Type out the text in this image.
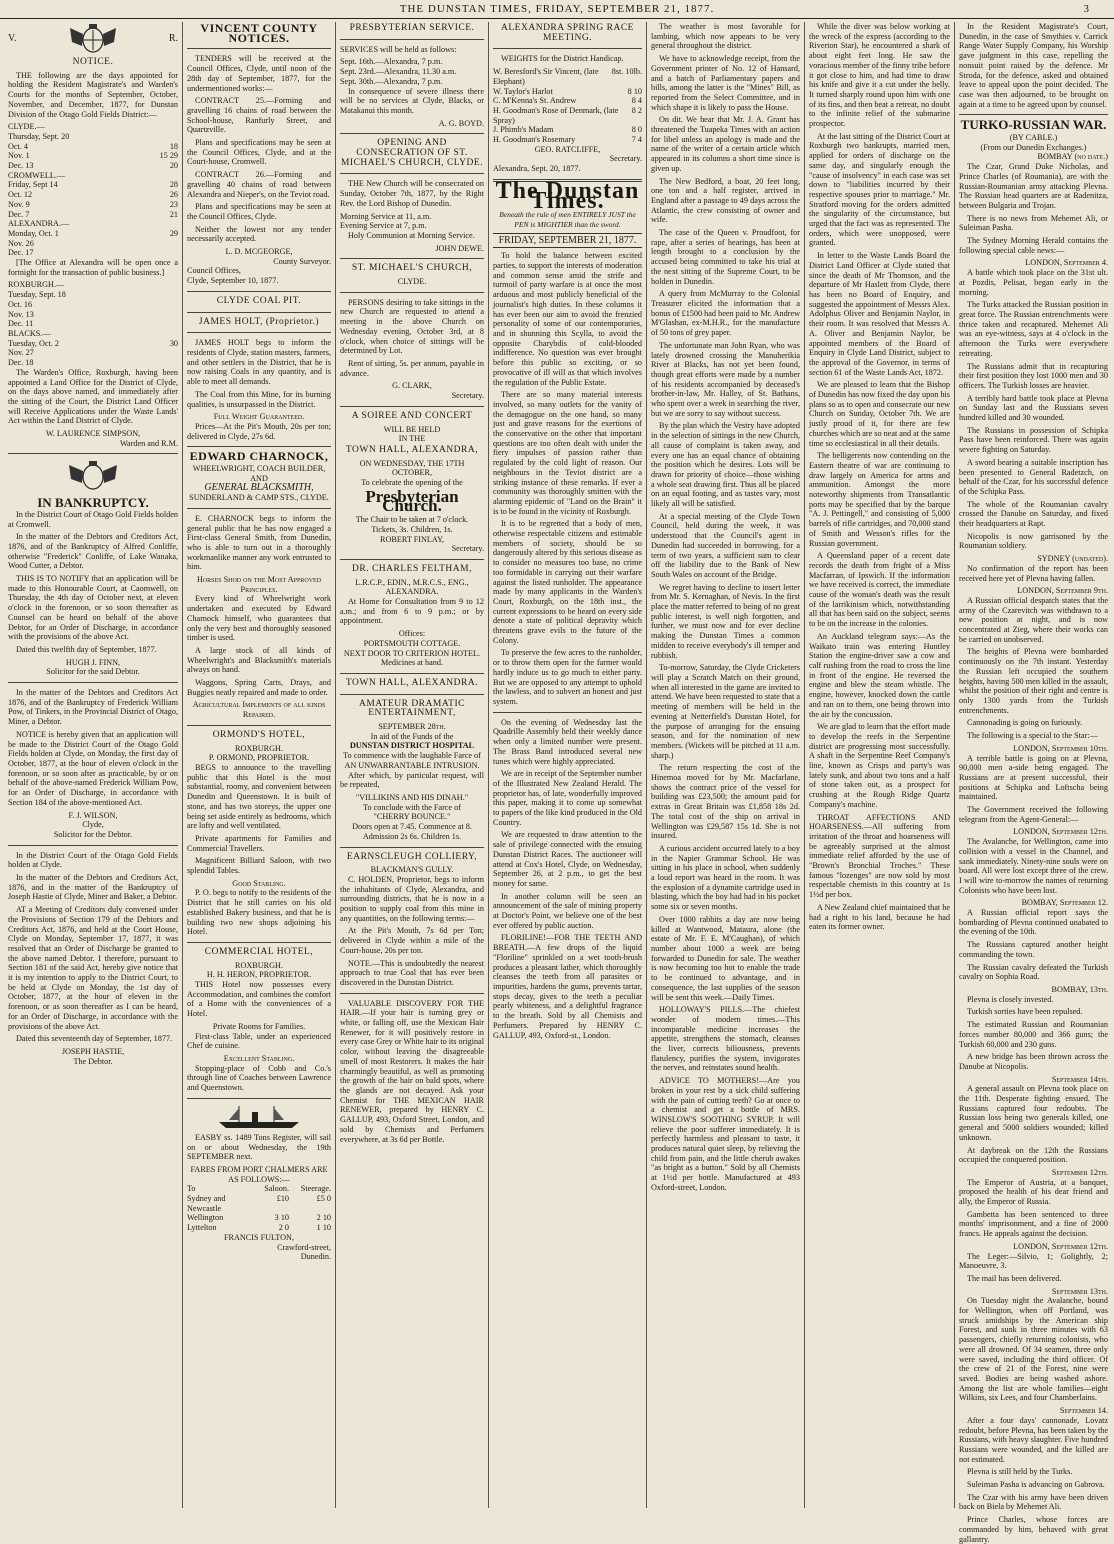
THE DUNSTAN TIMES, FRIDAY, SEPTEMBER 21, 1877.	3
V.	R.
NOTICE.

THE following are the days appointed for holding the Resident Magistrate's and Warden's Courts for the months of September, October, November, and December, 1877, for Dunstan Division of the Otago Gold Fields District:—

CLYDE.—
Thursday, Sept. 20
Oct. 4	18
Nov. 1	15 29
Dec. 13	20
CROMWELL.—
Friday, Sept 14	28
Oct. 12	26
Nov. 9	23
Dec. 7	21
ALEXANDRA.—
Monday, Oct. 1	29
Nov. 26
Dec. 17

[The Office at Alexandra will be open once a fortnight for the transaction of public business.]

ROXBURGH.—
Tuesday, Sept. 18
Oct. 16
Nov. 13
Dec. 11
BLACKS.—
Tuesday, Oct. 2	30
Nov. 27
Dec. 18

The Warden's Office, Roxburgh, having been appointed a Land Office for the District of Clyde, on the days above named, and immediately after the sitting of the Court, the District Land Officer will Receive Applications under the Waste Lands' Act within the Land District of Clyde.

W. LAURENCE SIMPSON,
Warden and R.M.
IN BANKRUPTCY.

In the District Court of Otago Gold Fields holden at Cromwell.

In the matter of the Debtors and Creditors Act, 1876, and of the Bankruptcy of Alfred Conliffe, otherwise "Frederick" Conliffe, of Lake Wanaka, Wood Cutter, a Debtor.

THIS IS TO NOTIFY that an application will be made to this Honourable Court, at Caomwell, on Thursday, the 4th day of October next, at eleven o'clock in the forenoon, or so soon thereafter as Counsel can be heard on behalf of the above Debtor, for an Order of Discharge, in accordance with the provisions of the above Act.

Dated this twelfth day of September, 1877.

HUGH J. FINN,
Solicitor for the said Debtor.

In the matter of the Debtors and Creditors Act 1876, and of the Bankruptcy of Frederick William Pow, of Tinkers, in the Provincial District of Otago, Miner, a Debtor.

NOTICE is hereby given that an application will be made to the District Court of the Otago Gold Fields holden at Clyde, on Monday, the first day of October, 1877, at the hour of eleven o'clock in the forenoon, or so soon after as practicable, by or on behalf of the above-named Frederick William Pow, for an Order of Discharge, in accordance with Section 184 of the above-mentioned Act.

F. J. WILSON,
Clyde,
Solicitor for the Debtor.

In the District Court of the Otago Gold Fields holden at Clyde.

In the matter of the Debtors and Creditors Act, 1876, and in the matter of the Bankruptcy of Joseph Hastie of Clyde, Miner and Baker, a Debtor.

AT a Meeting of Creditors duly convened under the Provisions of Section 179 of the Debtors and Creditors Act, 1876, and held at the Court House, Clyde on Monday, September 17, 1877, it was resolved that an Order of Discharge be granted to the above named Debtor. I therefore, pursuant to Section 181 of the said Act, hereby give notice that it is my intention to apply to the District Court, to be held at Clyde on Monday, the 1st day of October, 1877, at the hour of eleven in the forenoon, or as soon thereafter as I can be heard, for an Order of Discharge, in accordance with the provisions of the above Act.

Dated this seventeenth day of September, 1877.

JOSEPH HASTIE,
The Debtor.
VINCENT COUNTY NOTICES.

TENDERS will be received at the Council Offices, Clyde, until noon of the 28th day of September, 1877, for the undermentioned works:—

CONTRACT 25.—Forming and gravelling 16 chains of road between the School-house, Ranfurly Street, and Quartzville.

Plans and specifications may be seen at the Council Offices, Clyde, and at the Court-house, Cromwell.

CONTRACT 26.—Forming and gravelling 40 chains of road between Alexandra and Nieper's, on the Teviot road.

Plans and specifications may be seen at the Council Offices, Clyde.

Neither the lowest nor any tender necessarily accepted.

L. D. MCGEORGE,
County Surveyor.
Council Offices,
Clyde, September 10, 1877.
CLYDE COAL PIT.
JAMES HOLT, (Proprietor.)

JAMES HOLT begs to inform the residents of Clyde, station masters, farmers, and other settlers in the District, that he is now raising Coals in any quantity, and is able to meet all demands.

The Coal from this Mine, for its burning qualities, is unsurpassed in the District.

Full Weight Guaranteed.

Prices—At the Pit's Mouth, 20s per ton; delivered in Clyde, 27s 6d.

EDWARD CHARNOCK,
WHEELWRIGHT, COACH BUILDER,
AND
GENERAL BLACKSMITH,
SUNDERLAND & CAMP STS., CLYDE.

E. CHARNOCK begs to inform the general public that he has now engaged a First-class General Smith, from Dunedin, who is able to turn out in a thoroughly workmanlike manner any work entrusted to him.

Horses Shod on the Most Approved Principles.

Every kind of Wheelwright work undertaken and executed by Edward Charnock himself, who guarantees that only the very best and thoroughly seasoned timber is used.

A large stock of all kinds of Wheelwright's and Blacksmith's materials always on hand.

Waggons, Spring Carts, Drays, and Buggies neatly repaired and made to order.

Agricultural Implements of all kinds Repaired.
ORMOND'S HOTEL,
ROXBURGH.
P. ORMOND, PROPRIETOR.

BEGS to announce to the travelling public that this Hotel is the most substantial, roomy, and convenient between Dunedin and Queenstown. It is built of stone, and has two storeys, the upper one being set aside entirely as bedrooms, which are lofty and well ventilated.

Private apartments for Families and Commercial Travellers.

Magnificent Billiard Saloon, with two splendid Tables.

Good Stabling.

P. O. begs to notify to the residents of the District that he still carries on his old established Bakery business, and that he is building two new shops adjoining his Hotel.

COMMERCIAL HOTEL,
ROXBURGH.
H. H. HERON, PROPRIETOR.

THIS Hotel now possesses every Accommodation, and combines the comfort of a Home with the conveniences of a Hotel.

Private Rooms for Families.

First-class Table, under an experienced Chef de cuisine.

Excellent Stabling.

Stopping-place of Cobb and Co.'s through line of Coaches between Lawrence and Queenstown.

EASBY ss. 1489 Tons Register, will sail on or about Wednesday, the 19th SEPTEMBER next.

FARES FROM PORT CHALMERS ARE AS FOLLOWS:—
To	Saloon.	Steerage.
Sydney and Newcastle
£10	£5 0
Wellington	3 10	2 10
Lyttelton	2 0	1 10
FRANCIS FULTON,
Crawford-street,
Dunedin.
PRESBYTERIAN SERVICE.

SERVICES will be held as follows:

Sept. 16th.—Alexandra, 7 p.m.
Sept. 23rd.—Alexandra, 11.30 a.m.
Sept. 30th.—Alexandra, 7 p.m.

In consequence of severe illness there will be no services at Clyde, Blacks, or Matakanui this month.

A. G. BOYD.
OPENING AND CONSECRATION OF ST. MICHAEL'S CHURCH, CLYDE.

THE New Church will be consecrated on Sunday, October 7th, 1877, by the Right Rev. the Lord Bishop of Dunedin.

Morning Service at 11, a.m.
Evening Service at 7, p.m.

Holy Communion at Morning Service.

JOHN DEWE.
ST. MICHAEL'S CHURCH,
CLYDE.

PERSONS desiring to take sittings in the new Church are requested to attend a meeting in the above Church on Wednesday evening, October 3rd, at 8 o'clock, when choice of sittings will be determined by Lot.

Rent of sitting, 5s. per annum, payable in advance.

G. CLARK,
Secretary.
A SOIREE AND CONCERT
WILL BE HELD
IN THE
TOWN HALL, ALEXANDRA,
ON WEDNESDAY, THE 17TH OCTOBER,
To celebrate the opening of the
Presbyterian Church.
The Chair to be taken at 7 o'clock.
Tickets, 3s. Children, 1s.
ROBERT FINLAY,
Secretary.
DR. CHARLES FELTHAM,
L.R.C.P., EDIN., M.R.C.S., ENG.,
ALEXANDRA.

At Home for Consultation from 9 to 12 a.m.; and from 6 to 9 p.m.; or by appointment.

Offices:
PORTSMOUTH COTTAGE.
NEXT DOOR TO CRITERION HOTEL.
Medicines at hand.
TOWN HALL, ALEXANDRA.
AMATEUR DRAMATIC ENTERTAINMENT,
SEPTEMBER 28th.
In aid of the Funds of the
DUNSTAN DISTRICT HOSPITAL
To commence with the laughable Farce of
AN UNWARRANTABLE INTRUSION.

After which, by particular request, will be repeated,

"VILLIKINS AND HIS DINAH."
To conclude with the Farce of
"CHERRY BOUNCE."
Doors open at 7.45. Commence at 8.
Admission 2s 6s. Children 1s.
EARNSCLEUGH COLLIERY,
BLACKMAN'S GULLY.

C. HOLDEN, Proprietor, begs to inform the inhabitants of Clyde, Alexandra, and surrounding districts, that he is now in a position to supply coal from this mine in any quantities, on the following terms:—

At the Pit's Mouth, 7s 6d per Ton; delivered in Clyde within a mile of the Court-house, 20s per ton.

NOTE.—This is undoubtedly the nearest approach to true Coal that has ever been discovered in the Dunstan District.

VALUABLE DISCOVERY FOR THE HAIR.—If your hair is turning grey or white, or falling off, use the Mexican Hair Renewer, for it will positively restore in every case Grey or White hair to its original color, without leaving the disagreeable smell of most Restorers. It makes the hair charmingly beautiful, as well as promoting the growth of the hair on bald spots, where the glands are not decayed. Ask your Chemist for THE MEXICAN HAIR RENEWER, prepared by HENRY C. GALLUP, 493, Oxford Street, London, and sold by Chemists and Perfumers everywhere, at 3s 6d per Bottle.

ALEXANDRA SPRING RACE MEETING.

WEIGHTS for the District Handicap.

W. Beresford's Sir Vincent, (late Elephant)
8st. 10lb.
W. Taylor's Harlot	8 10
C. M'Kenna's St. Andrew	8 4
H. Goodman's Rose of Denmark, (late Spray)
8 2
J. Phimb's Madam	8 0
H. Goodman's Rosemary	7 4
GEO. RATCLIFFE,
Secretary.
Alexandra, Sept. 20, 1877.
The Dunstan Times.
Beneath the rule of men ENTIRELY JUST the PEN is MIGHTIER than the sword.
FRIDAY, SEPTEMBER 21, 1877.

To hold the balance between excited parties, to support the interests of moderation and common sense amid the strife and turmoil of party warfare is at once the most arduous and most publicly beneficial of the journalist's high duties. In these columns it has ever been our aim to avoid the frenzied personality of some of our contemporaries, and in shunning this Scylla, to avoid the opposite Charybdis of cold-blooded indifference. No question was ever brought before this public so exciting, or so provocative of ill will as that which involves the regulation of the Public Estate.

There are so many material interests involved, so many outlets for the vanity of the demagogue on the one hand, so many just and grave reasons for the exertions of the conservative on the other that important questions are too often dealt with under the fiery impulses of passion rather than regulated by the cold light of reason. Our neighbours in the Teviot district are a striking instance of these remarks. If ever a community was thoroughly smitten with the alarming epidemic of "Land on the Brain" it is to be found in the vicinity of Roxburgh.

It is to be regretted that a body of men, otherwise respectable citizens and estimable members of society, should be so dangerously altered by this serious disease as to consider no measures too base, no crime too formidable in carrying out their warfare against the listed runholder. The appearance made by many applicants in the Warden's Court, Roxburgh, on the 18th inst., the current expressions to be heard on every side denote a state of political depravity which threatens grave evils to the future of the Colony.

To preserve the few acres to the runholder, or to throw them open for the farmer would hardly induce us to go much to either party. But we are opposed to any attempt to uphold the lawless, and to subvert an honest and just system.

On the evening of Wednesday last the Quadrille Assembly held their weekly dance when only a limited number were present. The Brass Band introduced several new tunes which were highly appreciated.

We are in receipt of the September number of the Illustrated New Zealand Herald. The proprietor has, of late, wonderfully improved this paper, making it to come up somewhat to papers of the like kind produced in the Old Country.

We are requested to draw attention to the sale of privilege connected with the ensuing Dunstan District Races. The auctioneer will attend at Cox's Hotel, Clyde, on Wednesday, September 26, at 2 p.m., to get the best money for same.

In another column will be seen an announcement of the sale of mining property at Doctor's Point, we believe one of the best ever offered by public auction.

FLORILINE!—FOR THE TEETH AND BREATH.—A few drops of the liquid "Floriline" sprinkled on a wet tooth-brush produces a pleasant lather, which thoroughly cleanses the teeth from all parasites or impurities, hardens the gums, prevents tartar, stops decay, gives to the teeth a peculiar pearly whiteness, and a delightful fragrance to the breath. Sold by all Chemists and Perfumers. Prepared by HENRY C. GALLUP, 493, Oxford-st., London.

The weather is most favorable for lambing, which now appears to be very general throughout the district.

We have to acknowledge receipt, from the Government printer of No. 12 of Hansard, and a batch of Parliamentary papers and bills, among the latter is the "Mines" Bill, as reported from the Select Committee, and in which shape it is likely to pass the House.

On dit. We hear that Mr. J. A. Grant has threatened the Tuapeka Times with an action for libel unless an apology is made and the name of the writer of a certain article which appeared in its columns a short time since is given up.

The New Bedford, a boat, 20 feet long, one ton and a half register, arrived in England after a passage to 49 days across the Atlantic, the crew consisting of owner and wife.

The case of the Queen v. Proudfoot, for rape, after a series of hearings, has been at length brought to a conclusion by the accused being committed to take his trial at the next sitting of the Supreme Court, to be holden in Dunedin.

A query from McMurray to the Colonial Treasurer elicited the information that a bonus of £1500 had been paid to Mr. Andrew M'Glashan, ex-M.H.R., for the manufacture of 50 tons of grey paper.

The unfortunate man John Ryan, who was lately drowned crossing the Manuherikia River at Blacks, has not yet been found, though great efforts were made by a number of his residents accompanied by deceased's brother-in-law, Mr. Halley, of St. Bathans, who spent over a week in searching the river, but we are sorry to say without success.

By the plan which the Vestry have adopted in the selection of sittings in the new Church, all cause of complaint is taken away, and every one has an equal chance of obtaining the position which he desires. Lots will be drawn for priority of choice—those wishing a whole seat drawing first. Thus all be placed on an equal footing, and as tastes vary, most likely all will be satisfied.

At a special meeting of the Clyde Town Council, held during the week, it was understood that the Council's agent in Dunedin had succeeded in borrowing, for a term of two years, a sufficient sum to clear off the liability due to the Bank of New South Wales on account of the Bridge.

We regret having to decline to insert letter from Mr. S. Kernaghan, of Nevis. In the first place the matter referred to being of no great public interest, is well nigh forgotten, and further, we must now and for ever decline making the Dunstan Times a common midden to receive everybody's ill temper and rubbish.

To-morrow, Saturday, the Clyde Cricketers will play a Scratch Match on their ground, when all interested in the game are invited to attend. We have been requested to state that a meeting of members will be held in the evening at Netterfield's Dunstan Hotel, for the purpose of arranging for the ensuing season, and for the nomination of new members. (Wickets will be pitched at 11 a.m. sharp.)

The return respecting the cost of the Hinemoa moved for by Mr. Macfarlane, shows the contract price of the vessel for building was £23,500; the amount paid for extras in Great Britain was £1,858 18s 2d. The total cost of the ship on arrival in Wellington was £29,587 15s 1d. She is not insured.

A curious accident occurred lately to a boy in the Napier Grammar School. He was sitting in his place in school, when suddenly a loud report was heard in the room. It was the explosion of a dynamite cartridge used in blasting, which the boy had had in his pocket some six or seven months.

Over 1000 rabbits a day are now being killed at Wantwood, Mataura, alone (the estate of Mr. F. E. M'Caughan), of which number about 1000 a week are being forwarded to Dunedin for sale. The weather is now becoming too hot to enable the trade to be continued to advantage, and in consequence, the last supplies of the season will be sent this week.—Daily Times.

HOLLOWAY'S PILLS.—The chiefest wonder of modern times.—This incomparable medicine increases the appetite, strengthens the stomach, cleanses the liver, corrects biliousness, prevents flatulency, purifies the system, invigorates the nerves, and reinstates sound health.

ADVICE TO MOTHERS!—Are you broken in your rest by a sick child suffering with the pain of cutting teeth? Go at once to a chemist and get a bottle of MRS. WINSLOW'S SOOTHING SYRUP. It will relieve the poor sufferer immediately. It is perfectly harmless and pleasant to taste, it produces natural quiet sleep, by relieving the child from pain, and the little cherub awakes "as bright as a button." Sold by all Chemists at 1½d per bottle. Manufactured at 493 Oxford-street, London.

While the diver was below working at the wreck of the express (according to the Riverton Star), he encountered a shark of about eight feet long. He saw the voracious member of the finny tribe before it got close to him, and had time to draw his knife and give it a cut under the belly. It turned sharply round upon him with one of its fins, and then beat a retreat, no doubt to the infinite relief of the submarine prospector.

At the last sitting of the District Court at Roxburgh two bankrupts, married men, applied for orders of discharge on the same day, and singularly enough the "cause of insolvency" in each case was set down to "liabilities incurred by their respective spouses prior to marriage." Mr. Stratford moving for the orders admitted the singularity of the circumstance, but urged that the fact was as represented. The orders, which were unopposed, were granted.

In letter to the Waste Lands Board the District Land Officer at Clyde stated that since the death of Mr Thomson, and the departure of Mr Haslett from Clyde, there has been no Board of Enquiry, and suggested the appointment of Messrs Alex. Adolphus Oliver and Benjamin Naylor, in their room. It was resolved that Messrs A. A. Oliver and Benjamin Naylor, be appointed members of the Board of Enquiry in Clyde Land District, subject to the approval of the Governor, in terms of section 61 of the Waste Lands Act, 1872.

We are pleased to learn that the Bishop of Dunedin has now fixed the day upon his plans so as to open and consecrate our new Church on Sunday, October 7th. We are justly proud of it, for there are few churches which are so neat and at the same time so ecclesiastical in all their details.

The belligerents now contending on the Eastern theatre of war are continuing to draw largely on America for arms and ammunition. Amongst the more noteworthy shipments from Transatlantic ports may be specified that by the barque "A. J. Pettingell," and consisting of 5,000 barrels of rifle cartridges, and 70,000 stand of Smith and Wesson's rifles for the Russian government.

A Queensland paper of a recent date records the death from fright of a Miss Macfarran, of Ipswich. If the information we have received is correct, the immediate cause of the woman's death was the result of the larrikinism which, notwithstanding all that has been said on the subject, seems to be on the increase in the colonies.

An Auckland telegram says:—As the Waikato train was entering Huntley Station the engine-driver saw a cow and calf rushing from the road to cross the line in front of the engine. He reversed the engine and blew the steam whistle. The engine, however, knocked down the cattle and ran on to them, one being thrown into the air by the concussion.

We are glad to learn that the effort made to develop the reefs in the Serpentine district are progressing most successfully. A shaft in the Serpentine Reef Company's line, known as Crisps and party's was lately sunk, and about two tons and a half of stone taken out, as a prospect for crushing at the Rough Ridge Quartz Company's machine.

THROAT AFFECTIONS AND HOARSENESS.—All suffering from irritation of the throat and hoarseness will be agreeably surprised at the almost immediate relief afforded by the use of "Brown's Bronchial Troches." These famous "lozenges" are now sold by most respectable chemists in this country at 1s 1½d per box.

A New Zealand chief maintained that he had a right to his land, because he had eaten its former owner.

In the Resident Magistrate's Court, Dunedin, in the case of Smythies v. Carrick Range Water Supply Company, his Worship gave judgment in this case, repelling the nonsuit point raised by the defence. Mr Stroda, for the defence, asked and obtained leave to appeal upon the point decided. The case was then adjourned, to be brought on again at a time to be agreed upon by counsel.

TURKO-RUSSIAN WAR.
(BY CABLE.)
(From our Dunedin Exchanges.)
BOMBAY (no date.)

The Czar, Grand Duke Nicholas, and Prince Charles (of Roumania), are with the Russian-Roumanian army attacking Plevna. The Russian head quarters are at Radenitza, between Bulgaria and Trojan.

There is no news from Mehemet Ali, or Suleiman Pasha.

The Sydney Morning Herald contains the following special cable news:—

LONDON, September 4.

A battle which took place on the 31st ult. at Pozdis, Pelisat, began early in the morning.

The Turks attacked the Russian position in great force. The Russian entrenchments were thrice taken and recaptured. Mehemet Ali was an eye-witness, says at 4 o'clock in the afternoon the Turks were everywhere retreating.

The Russians admit that in recapturing their first position they lost 1000 men and 30 officers. The Turkish losses are heavier.

A terribly hard battle took place at Plevna on Sunday last and the Russians seven hundred killed and 30 wounded.

The Russians in possession of Schipka Pass have been reinforced. There was again severe fighting on Saturday.

A sword bearing a suitable inscription has been presented to General Radetzch, on behalf of the Czar, for his successful defence of the Schipka Pass.

The whole of the Roumanian cavalry crossed the Danube on Saturday, and fixed their headquarters at Rapt.

Nicopolis is now garrisoned by the Roumanian soldiery.

SYDNEY (undated).

No confirmation of the report has been received here yet of Plevna having fallen.

LONDON, September 9th.

A Russian official despatch states that the army of the Czarevitch was withdrawn to a new position at night, and is now concentrated at Zieg, where their works can be carried on unobserved.

The heights of Plevna were bombarded continuously on the 7th instant. Yesterday the Russian left occupied the southern heights, having 500 men killed in the assault, whilst the position of their right and centre is only 1300 yards from the Turkish entrenchments.

Cannonading is going on furiously.

The following is a special to the Star:—

LONDON, September 10th.

A terrible battle is going on at Plevna, 90,000 men a-side being engaged. The Russians are at present successful, their positions at Schipka and Loftscha being maintained.

The Government received the following telegram from the Agent-General:—

LONDON, September 12th.

The Avalanche, for Wellington, came into collision with a vessel in the Channel, and sank immediately. Ninety-nine souls were on board. All were lost except three of the crew. I will wire to-morrow the names of returning Colonists who have been lost.

BOMBAY, September 12.

A Russian official report says the bombarding of Plevna continued unabated to the evening of the 10th.

The Russians captured another height commanding the town.

The Russian cavalry defeated the Turkish cavalry on Sophia Road.

BOMBAY, 13th.

Plevna is closely invested.

Turkish sorties have been repulsed.

The estimated Russian and Roumanian forces number 80,000 and 366 guns; the Turkish 60,000 and 230 guns.

A new bridge has been thrown across the Danube at Nicopolis.

September 14th.

A general assault on Plevna took place on the 11th. Desperate fighting ensued. The Russians captured four redoubts. The Russian loss being two generals killed, one general and 5000 soldiers wounded; killed unknown.

At daybreak on the 12th the Russians occupied the conquered position.

September 12th.

The Emperor of Austria, at a banquet, proposed the health of his dear friend and ally, the Emperor of Russia.

Gambetta has been sentenced to three months' imprisonment, and a fine of 2000 francs. He appeals against the decision.

LONDON, September 12th.

The Leger:—Silvio, 1; Golightly, 2; Manoeuvre, 3.

The mail has been delivered.

September 13th.

On Tuesday night the Avalanche, bound for Wellington, when off Portland, was struck amidships by the American ship Forest, and sunk in three minutes with 63 passengers, chiefly returning colonists, who were all drowned. Of 34 seamen, three only were saved, including the third officer. Of the crew of 21 of the Forest, nine were saved. Bodies are being washed ashore. Among the list are whole families—eight Wilkins, six Lees, and four Chamberlains.

September 14.

After a four days' cannonade, Lovatz redoubt, before Plevna, has been taken by the Russians, with heavy slaughter. Five hundred Russians were wounded, and the killed are not estimated.

Plevna is still held by the Turks.

Suleiman Pasha is advancing on Gabrova.

The Czar with his army have been driven back on Biela by Mehemet Ali.

Prince Charles, whose forces are commanded by him, behaved with great gallantry.
